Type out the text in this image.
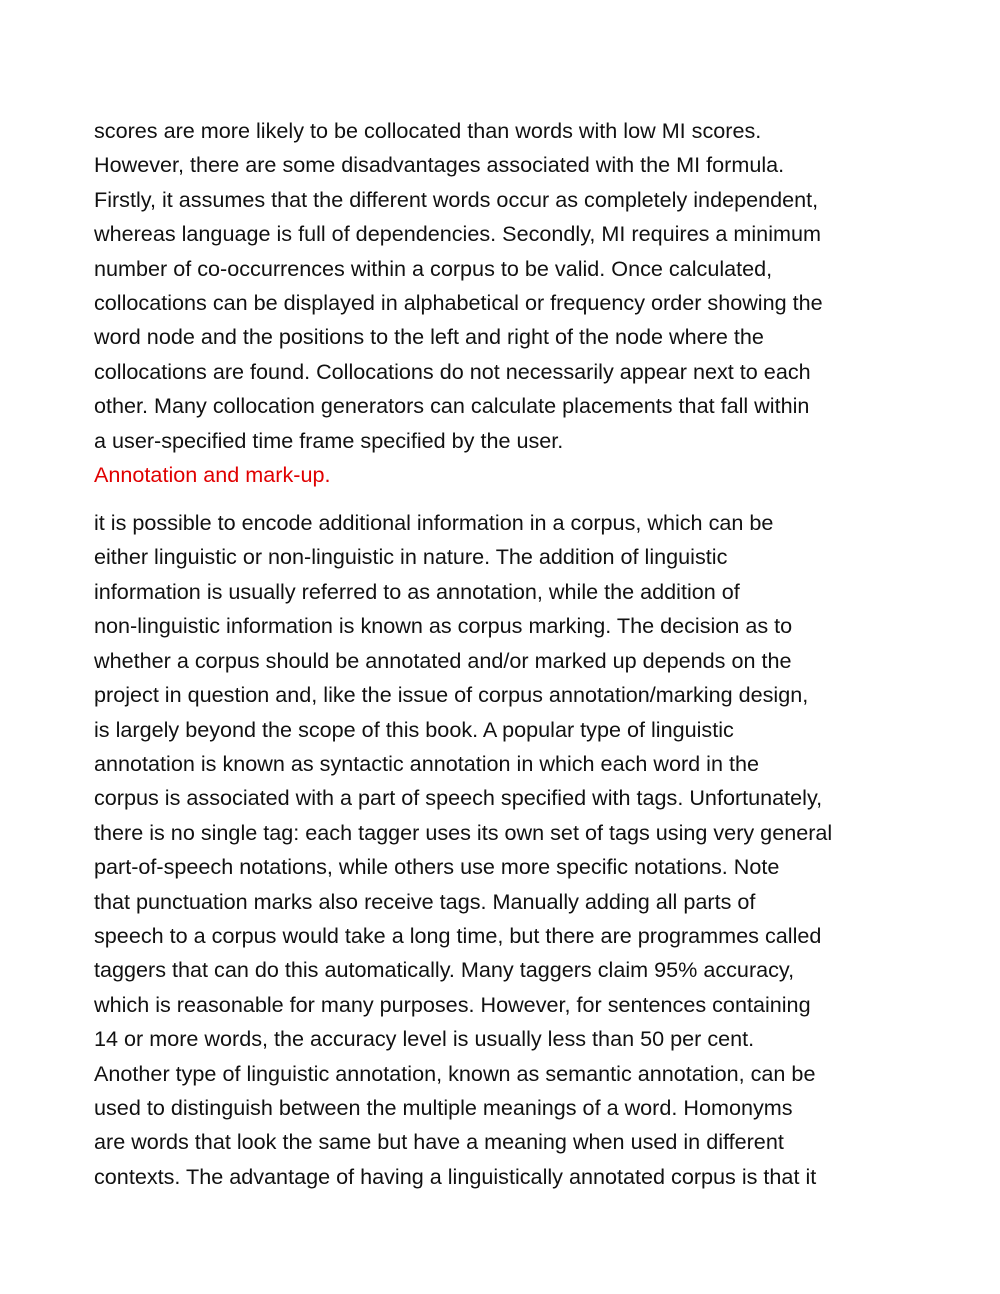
scores are more likely to be collocated than words with low MI scores.
However, there are some disadvantages associated with the MI formula.
Firstly, it assumes that the different words occur as completely independent,
whereas language is full of dependencies. Secondly, MI requires a minimum
number of co-occurrences within a corpus to be valid. Once calculated,
collocations can be displayed in alphabetical or frequency order showing the
word node and the positions to the left and right of the node where the
collocations are found. Collocations do not necessarily appear next to each
other. Many collocation generators can calculate placements that fall within
a user-specified time frame specified by the user.
Annotation and mark-up.
it is possible to encode additional information in a corpus, which can be
either linguistic or non-linguistic in nature. The addition of linguistic
information is usually referred to as annotation, while the addition of
non-linguistic information is known as corpus marking. The decision as to
whether a corpus should be annotated and/or marked up depends on the
project in question and, like the issue of corpus annotation/marking design,
is largely beyond the scope of this book. A popular type of linguistic
annotation is known as syntactic annotation in which each word in the
corpus is associated with a part of speech specified with tags. Unfortunately,
there is no single tag: each tagger uses its own set of tags using very general
part-of-speech notations, while others use more specific notations. Note
that punctuation marks also receive tags. Manually adding all parts of
speech to a corpus would take a long time, but there are programmes called
taggers that can do this automatically. Many taggers claim 95% accuracy,
which is reasonable for many purposes. However, for sentences containing
14 or more words, the accuracy level is usually less than 50 per cent.
Another type of linguistic annotation, known as semantic annotation, can be
used to distinguish between the multiple meanings of a word. Homonyms
are words that look the same but have a meaning when used in different
contexts. The advantage of having a linguistically annotated corpus is that it
